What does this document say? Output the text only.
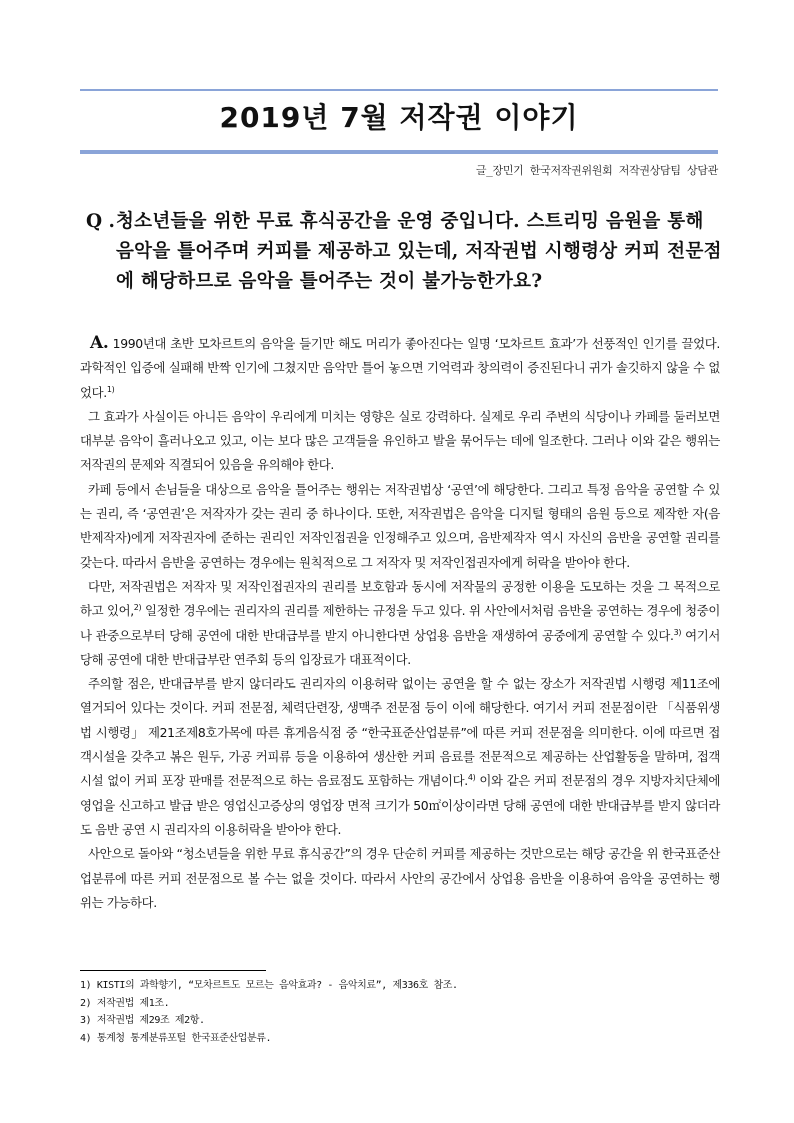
2019년 7월 저작권 이야기
글_장민기 한국저작권위원회 저작권상담팀 상담관
Q . 청소년들을 위한 무료 휴식공간을 운영 중입니다. 스트리밍 음원을 통해 음악을 틀어주며 커피를 제공하고 있는데, 저작권법 시행령상 커피 전문점에 해당하므로 음악을 틀어주는 것이 불가능한가요?

A. 1990년대 초반 모차르트의 음악을 들기만 해도 머리가 좋아진다는 일명 ‘모차르트 효과’가 선풍적인 인기를 끌었다. 과학적인 입증에 실패해 반짝 인기에 그쳤지만 음악만 틀어 놓으면 기억력과 창의력이 증진된다니 귀가 솔깃하지 않을 수 없었다.$^{1)}$

그 효과가 사실이든 아니든 음악이 우리에게 미치는 영향은 실로 강력하다. 실제로 우리 주변의 식당이나 카페를 둘러보면 대부분 음악이 흘러나오고 있고, 이는 보다 많은 고객들을 유인하고 발을 묶어두는 데에 일조한다. 그러나 이와 같은 행위는 저작권의 문제와 직결되어 있음을 유의해야 한다.

카페 등에서 손님들을 대상으로 음악을 틀어주는 행위는 저작권법상 ‘공연’에 해당한다. 그리고 특정 음악을 공연할 수 있는 권리, 즉 ‘공연권’은 저작자가 갖는 권리 중 하나이다. 또한, 저작권법은 음악을 디지털 형태의 음원 등으로 제작한 자(음반제작자)에게 저작권자에 준하는 권리인 저작인접권을 인정해주고 있으며, 음반제작자 역시 자신의 음반을 공연할 권리를 갖는다. 따라서 음반을 공연하는 경우에는 원칙적으로 그 저작자 및 저작인접권자에게 허락을 받아야 한다.

다만, 저작권법은 저작자 및 저작인접권자의 권리를 보호함과 동시에 저작물의 공정한 이용을 도모하는 것을 그 목적으로 하고 있어,$^{2)}$ 일정한 경우에는 권리자의 권리를 제한하는 규정을 두고 있다. 위 사안에서처럼 음반을 공연하는 경우에 청중이나 관중으로부터 당해 공연에 대한 반대급부를 받지 아니한다면 상업용 음반을 재생하여 공중에게 공연할 수 있다.$^{3)}$ 여기서 당해 공연에 대한 반대급부란 연주회 등의 입장료가 대표적이다.

주의할 점은, 반대급부를 받지 않더라도 권리자의 이용허락 없이는 공연을 할 수 없는 장소가 저작권법 시행령 제11조에 열거되어 있다는 것이다. 커피 전문점, 체력단련장, 생맥주 전문점 등이 이에 해당한다. 여기서 커피 전문점이란 「식품위생법 시행령」 제21조제8호가목에 따른 휴게음식점 중 “한국표준산업분류”에 따른 커피 전문점을 의미한다. 이에 따르면 접객시설을 갖추고 볶은 원두, 가공 커피류 등을 이용하여 생산한 커피 음료를 전문적으로 제공하는 산업활동을 말하며, 접객시설 없이 커피 포장 판매를 전문적으로 하는 음료점도 포함하는 개념이다.$^{4)}$ 이와 같은 커피 전문점의 경우 지방자치단체에 영업을 신고하고 발급 받은 영업신고증상의 영업장 면적 크기가 50㎡이상이라면 당해 공연에 대한 반대급부를 받지 않더라도 음반 공연 시 권리자의 이용허락을 받아야 한다.

사안으로 돌아와 “청소년들을 위한 무료 휴식공간”의 경우 단순히 커피를 제공하는 것만으로는 해당 공간을 위 한국표준산업분류에 따른 커피 전문점으로 볼 수는 없을 것이다. 따라서 사안의 공간에서 상업용 음반을 이용하여 음악을 공연하는 행위는 가능하다.

1) KISTI의 과학향기, “모차르트도 모르는 음악효과? - 음악치료”, 제336호 참조.
2) 저작권법 제1조.
3) 저작권법 제29조 제2항.
4) 통계청 통계분류포털 한국표준산업분류.
